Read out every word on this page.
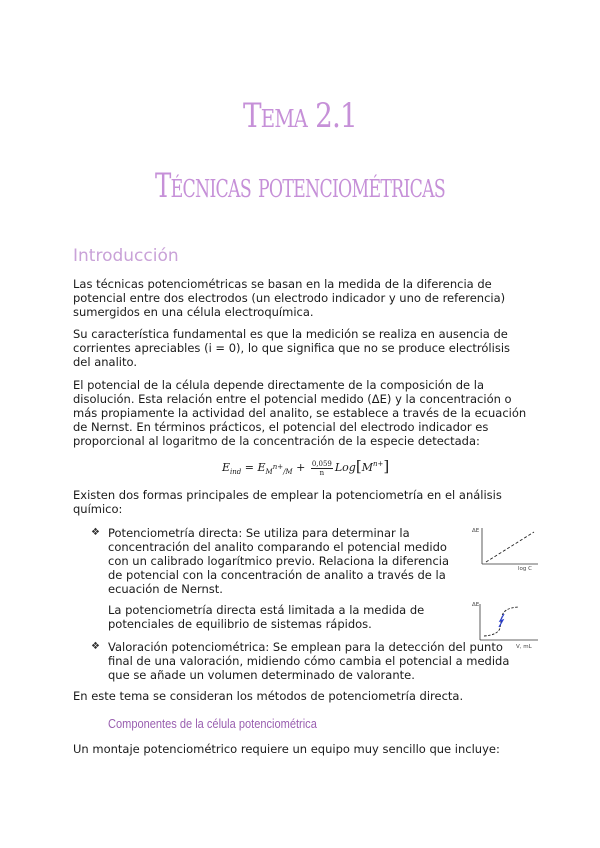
Tema 2.1
Técnicas potenciométricas
Introducción

Las técnicas potenciométricas se basan en la medida de la diferencia de potencial entre dos electrodos (un electrodo indicador y uno de referencia) sumergidos en una célula electroquímica.

Su característica fundamental es que la medición se realiza en ausencia de corrientes apreciables (i = 0), lo que significa que no se produce electrólisis del analito.

El potencial de la célula depende directamente de la composición de la disolución. Esta relación entre el potencial medido (ΔE) y la concentración o más propiamente la actividad del analito, se establece a través de la ecuación de Nernst. En términos prácticos, el potencial del electrodo indicador es proporcional al logaritmo de la concentración de la especie detectada:

$E_{ind} = E_{Mn+/M} + \frac{0,059}{n} Log[M^{n+}]$

Existen dos formas principales de emplear la potenciometría en el análisis químico:

❖ Potenciometría directa: Se utiliza para determinar la concentración del analito comparando el potencial medido con un calibrado logarítmico previo. Relaciona la diferencia de potencial con la concentración de analito a través de la ecuación de Nernst.

La potenciometría directa está limitada a la medida de potenciales de equilibrio de sistemas rápidos.

❖ Valoración potenciométrica: Se emplean para la detección del punto final de una valoración, midiendo cómo cambia el potencial a medida que se añade un volumen determinado de valorante.

ΔE
log C
ΔE
V, mL

En este tema se consideran los métodos de potenciometría directa.

Componentes de la célula potenciométrica

Un montaje potenciométrico requiere un equipo muy sencillo que incluye:
